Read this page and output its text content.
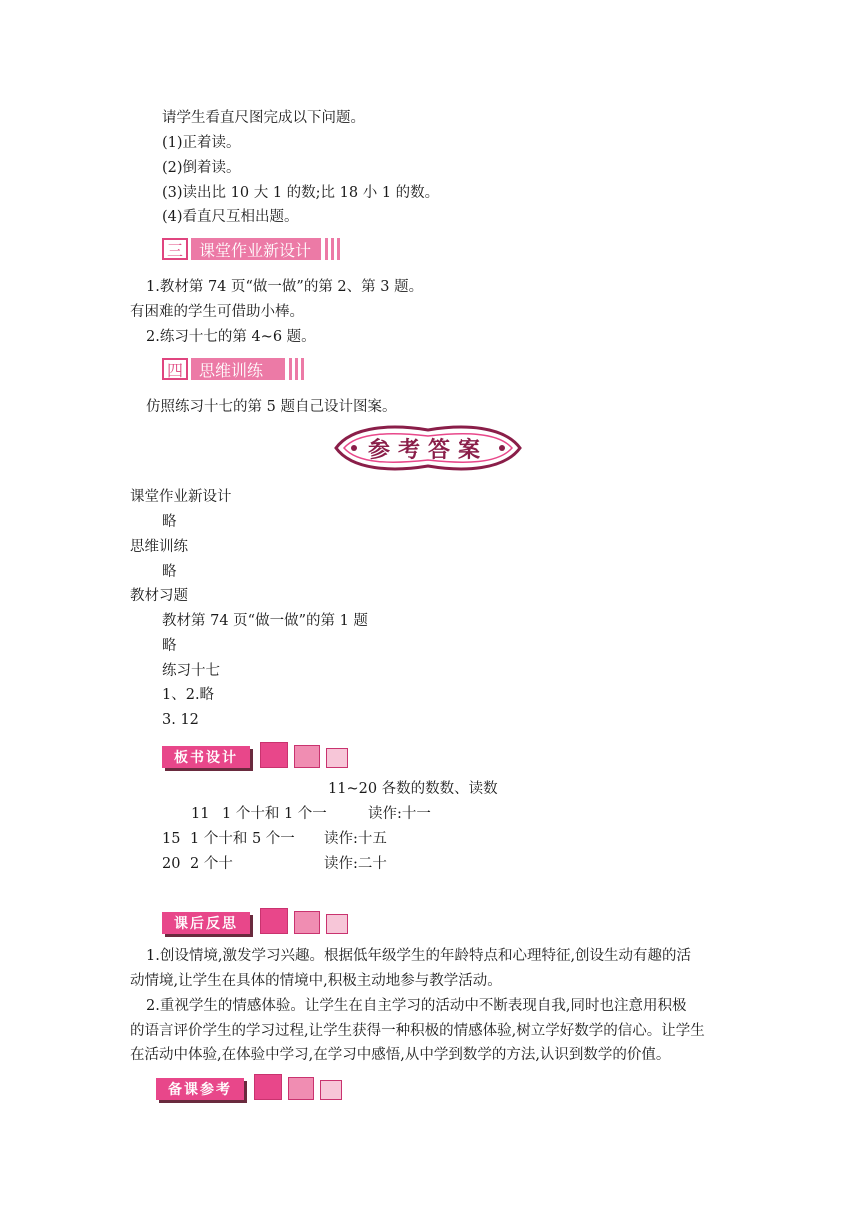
请学生看直尺图完成以下问题。
(1)正着读。
(2)倒着读。
(3)读出比 10 大 1 的数;比 18 小 1 的数。
(4)看直尺互相出题。
三	课堂作业新设计
1.教材第 74 页“做一做”的第 2、第 3 题。
有困难的学生可借助小棒。
2.练习十七的第 4~6 题。
四	思维训练
仿照练习十七的第 5 题自己设计图案。
参考答案
课堂作业新设计
略
思维训练
略
教材习题
教材第 74 页“做一做”的第 1 题
略
练习十七
1、2.略
3. 12
板书设计
11~20 各数的数数、读数
11 1 个十和 1 个一	读作:十一
15 1 个十和 5 个一 读作:十五
20 2 个十	读作:二十
课后反思
1.创设情境,激发学习兴趣。根据低年级学生的年龄特点和心理特征,创设生动有趣的活
动情境,让学生在具体的情境中,积极主动地参与教学活动。
2.重视学生的情感体验。让学生在自主学习的活动中不断表现自我,同时也注意用积极
的语言评价学生的学习过程,让学生获得一种积极的情感体验,树立学好数学的信心。让学生
在活动中体验,在体验中学习,在学习中感悟,从中学到数学的方法,认识到数学的价值。
备课参考
